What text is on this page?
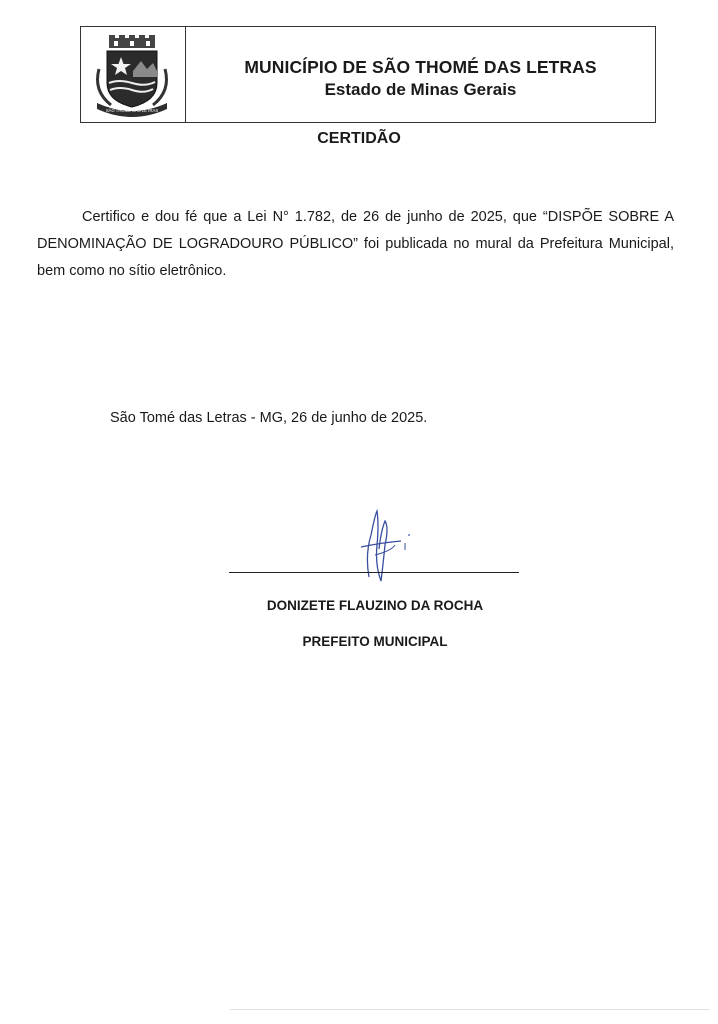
SÃO THOMÉ DAS LETRAS
MUNICÍPIO DE SÃO THOMÉ DAS LETRAS
Estado de Minas Gerais
CERTIDÃO
Certifico e dou fé que a Lei N° 1.782, de 26 de junho de 2025, que “DISPÕE SOBRE A DENOMINAÇÃO DE LOGRADOURO PÚBLICO” foi publicada no mural da Prefeitura Municipal, bem como no sítio eletrônico.
São Tomé das Letras - MG, 26 de junho de 2025.
DONIZETE FLAUZINO DA ROCHA
PREFEITO MUNICIPAL
